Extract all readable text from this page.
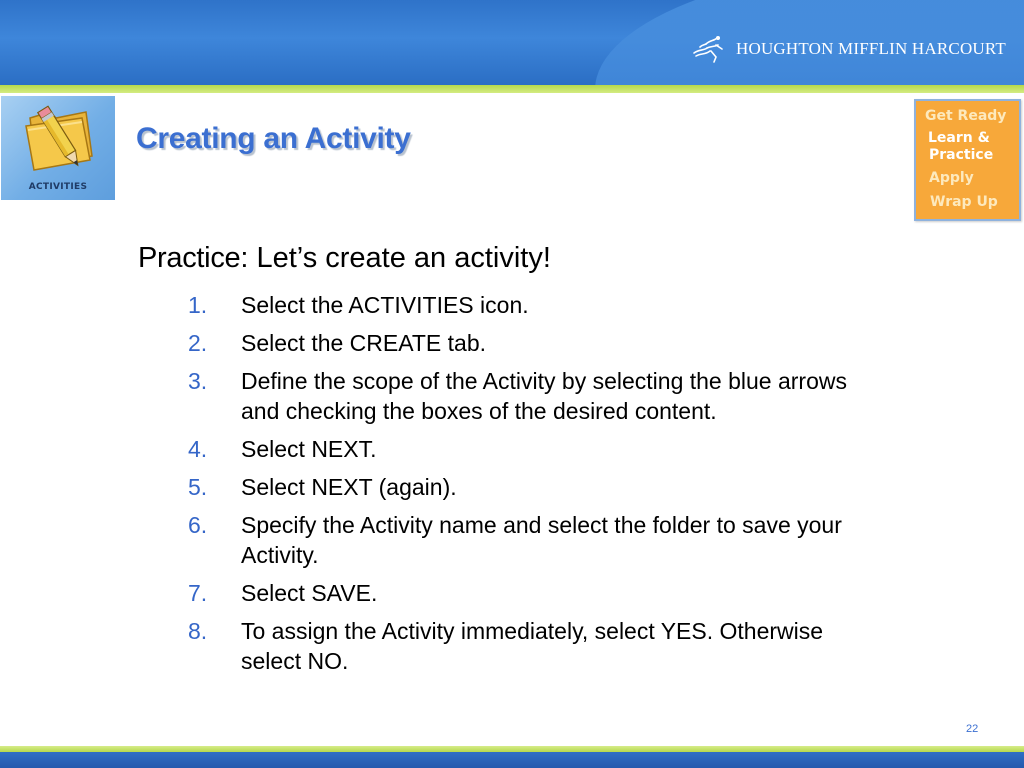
HOUGHTON MIFFLIN HARCOURT
ACTIVITIES
Creating an Activity
Get Ready
Learn &
Practice
Apply
Wrap Up
Practice: Let’s create an activity!
1. Select the ACTIVITIES icon.
2. Select the CREATE tab.
3. Define the scope of the Activity by selecting the blue arrows and checking the boxes of the desired content.
4. Select NEXT.
5. Select NEXT (again).
6. Specify the Activity name and select the folder to save your Activity.
7. Select SAVE.
8. To assign the Activity immediately, select YES. Otherwise select NO.
22
